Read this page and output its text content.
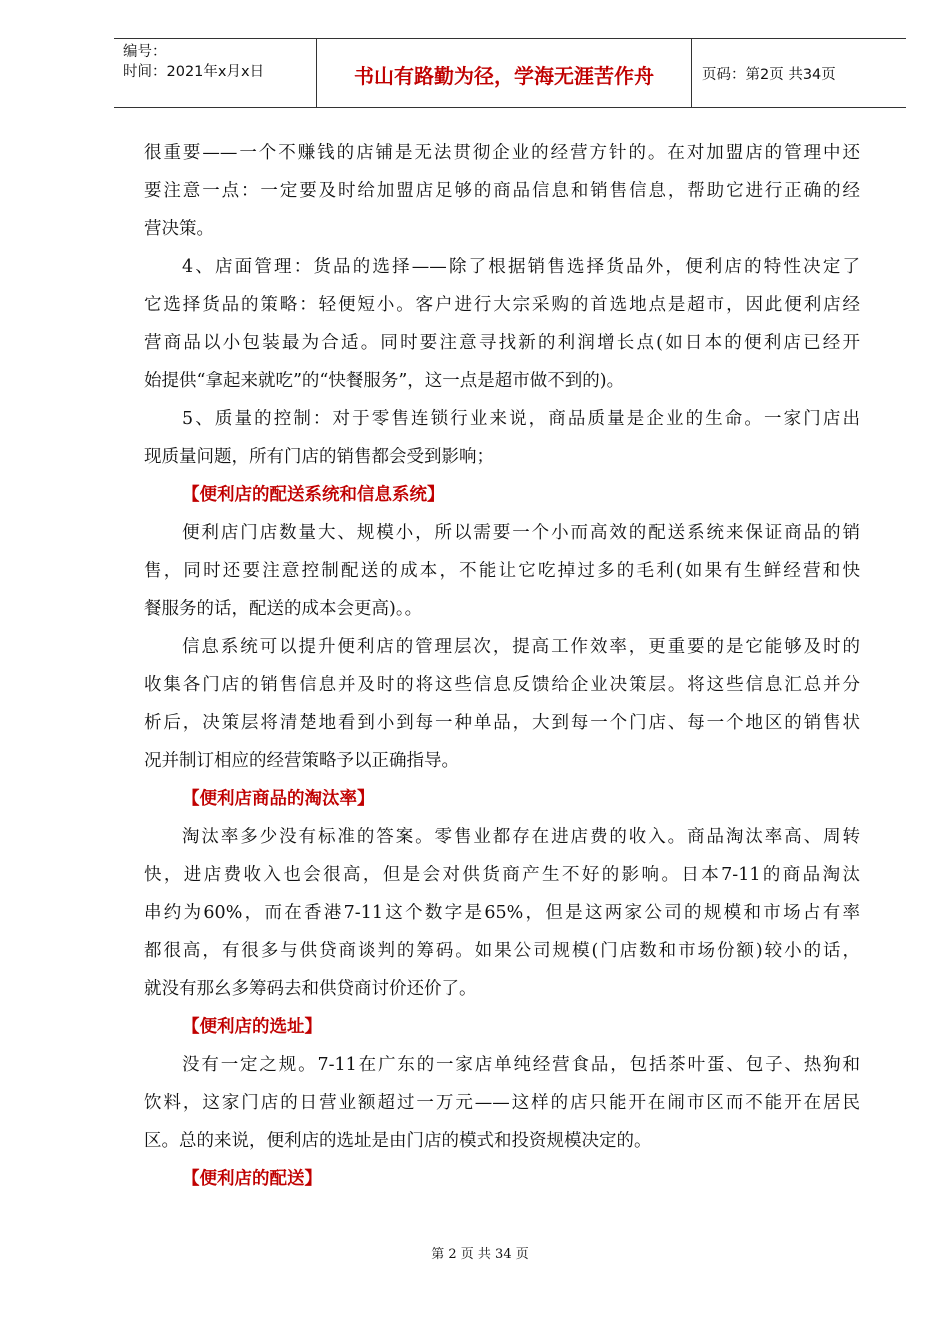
编号：
时间：2021年x月x日	书山有路勤为径，学海无涯苦作舟	页码：第2页 共34页
很重要——一个不赚钱的店铺是无法贯彻企业的经营方针的。在对加盟店的管理中还
要注意一点：一定要及时给加盟店足够的商品信息和销售信息，帮助它进行正确的经
营决策。
4、店面管理：货品的选择——除了根据销售选择货品外，便利店的特性决定了
它选择货品的策略：轻便短小。客户进行大宗采购的首选地点是超市，因此便利店经
营商品以小包装最为合适。同时要注意寻找新的利润增长点(如日本的便利店已经开
始提供“拿起来就吃”的“快餐服务”，这一点是超市做不到的)。
5、质量的控制：对于零售连锁行业来说，商品质量是企业的生命。一家门店出
现质量问题，所有门店的销售都会受到影响；
【便利店的配送系统和信息系统】
便利店门店数量大、规模小，所以需要一个小而高效的配送系统来保证商品的销
售，同时还要注意控制配送的成本，不能让它吃掉过多的毛利(如果有生鲜经营和快
餐服务的话，配送的成本会更高)。。
信息系统可以提升便利店的管理层次，提高工作效率，更重要的是它能够及时的
收集各门店的销售信息并及时的将这些信息反馈给企业决策层。将这些信息汇总并分
析后，决策层将清楚地看到小到每一种单品，大到每一个门店、每一个地区的销售状
况并制订相应的经营策略予以正确指导。
【便利店商品的淘汰率】
淘汰率多少没有标准的答案。零售业都存在进店费的收入。商品淘汰率高、周转
快，进店费收入也会很高，但是会对供货商产生不好的影响。日本7-11的商品淘汰
串约为60%，而在香港7-11这个数字是65%，但是这两家公司的规模和市场占有率
都很高，有很多与供贷商谈判的筹码。如果公司规模(门店数和市场份额)较小的话，
就没有那幺多筹码去和供贷商讨价还价了。
【便利店的选址】
没有一定之规。7-11在广东的一家店单纯经营食品，包括茶叶蛋、包子、热狗和
饮料，这家门店的日营业额超过一万元——这样的店只能开在闹市区而不能开在居民
区。总的来说，便利店的选址是由门店的模式和投资规模决定的。
【便利店的配送】
第 2 页 共 34 页
